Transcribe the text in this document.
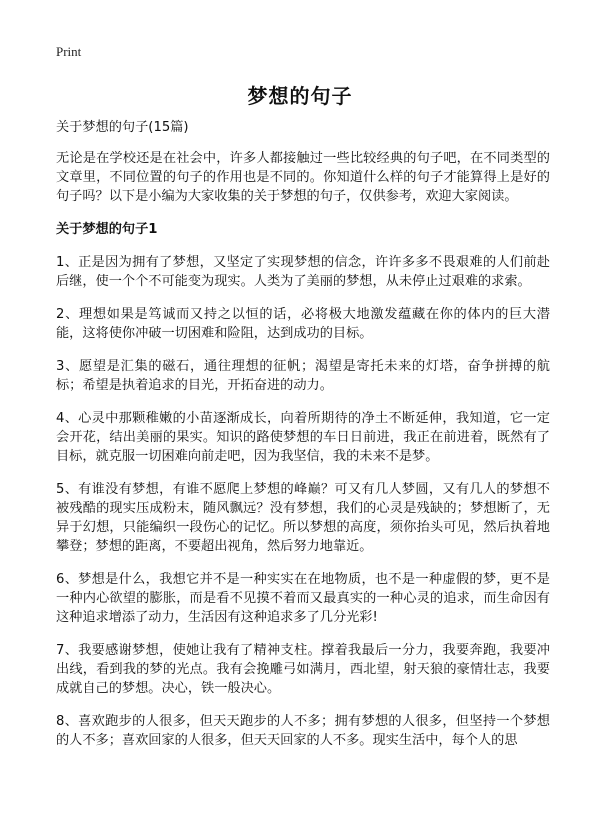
Print
梦想的句子
关于梦想的句子(15篇)
无论是在学校还是在社会中，许多人都接触过一些比较经典的句子吧，在不同类型的文章里，不同位置的句子的作用也是不同的。你知道什么样的句子才能算得上是好的句子吗？以下是小编为大家收集的关于梦想的句子，仅供参考，欢迎大家阅读。
关于梦想的句子1
1、正是因为拥有了梦想，又坚定了实现梦想的信念，许许多多不畏艰难的人们前赴后继，使一个个不可能变为现实。人类为了美丽的梦想，从未停止过艰难的求索。
2、理想如果是笃诚而又持之以恒的话，必将极大地激发蕴藏在你的体内的巨大潜能，这将使你冲破一切困难和险阻，达到成功的目标。
3、愿望是汇集的磁石，通往理想的征帆；渴望是寄托未来的灯塔，奋争拼搏的航标；希望是执着追求的目光，开拓奋进的动力。
4、心灵中那颗稚嫩的小苗逐渐成长，向着所期待的净土不断延伸，我知道，它一定会开花，结出美丽的果实。知识的路使梦想的车日日前进，我正在前进着，既然有了目标，就克服一切困难向前走吧，因为我坚信，我的未来不是梦。
5、有谁没有梦想，有谁不愿爬上梦想的峰巅？可又有几人梦圆，又有几人的梦想不被残酷的现实压成粉末，随风飘远？没有梦想，我们的心灵是残缺的；梦想断了，无异于幻想，只能编织一段伤心的记忆。所以梦想的高度，须你抬头可见，然后执着地攀登；梦想的距离，不要超出视角，然后努力地靠近。
6、梦想是什么，我想它并不是一种实实在在地物质，也不是一种虚假的梦，更不是一种内心欲望的膨胀，而是看不见摸不着而又最真实的一种心灵的追求，而生命因有这种追求增添了动力，生活因有这种追求多了几分光彩!
7、我要感谢梦想，使她让我有了精神支柱。撑着我最后一分力，我要奔跑，我要冲出线，看到我的梦的光点。我有会挽雕弓如满月，西北望，射天狼的豪情壮志，我要成就自己的梦想。决心，铁一般决心。
8、喜欢跑步的人很多，但天天跑步的人不多；拥有梦想的人很多，但坚持一个梦想的人不多；喜欢回家的人很多，但天天回家的人不多。现实生活中，每个人的思
